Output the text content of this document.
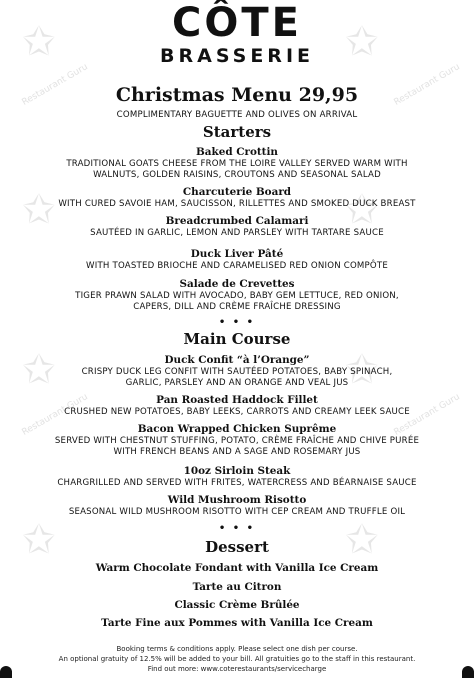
✩	✩
✩	✩
✩	✩
✩	✩
Restaurant Guru	Restaurant Guru
Restaurant Guru	Restaurant Guru
CÔTE
BRASSERIE
Christmas Menu 29,95
COMPLIMENTARY BAGUETTE AND OLIVES ON ARRIVAL
Starters
Baked Crottin
TRADITIONAL GOATS CHEESE FROM THE LOIRE VALLEY SERVED WARM WITH
WALNUTS, GOLDEN RAISINS, CROUTONS AND SEASONAL SALAD
Charcuterie Board
WITH CURED SAVOIE HAM, SAUCISSON, RILLETTES AND SMOKED DUCK BREAST
Breadcrumbed Calamari
SAUTÉED IN GARLIC, LEMON AND PARSLEY WITH TARTARE SAUCE
Duck Liver Pâté
WITH TOASTED BRIOCHE AND CARAMELISED RED ONION COMPÔTE
Salade de Crevettes
TIGER PRAWN SALAD WITH AVOCADO, BABY GEM LETTUCE, RED ONION,
CAPERS, DILL AND CRÈME FRAÎCHE DRESSING
• • •
Main Course
Duck Confit “à l’Orange”
CRISPY DUCK LEG CONFIT WITH SAUTÉED POTATOES, BABY SPINACH,
GARLIC, PARSLEY AND AN ORANGE AND VEAL JUS
Pan Roasted Haddock Fillet
CRUSHED NEW POTATOES, BABY LEEKS, CARROTS AND CREAMY LEEK SAUCE
Bacon Wrapped Chicken Suprême
SERVED WITH CHESTNUT STUFFING, POTATO, CRÈME FRAÎCHE AND CHIVE PURÉE
WITH FRENCH BEANS AND A SAGE AND ROSEMARY JUS
10oz Sirloin Steak
CHARGRILLED AND SERVED WITH FRITES, WATERCRESS AND BÉARNAISE SAUCE
Wild Mushroom Risotto
SEASONAL WILD MUSHROOM RISOTTO WITH CEP CREAM AND TRUFFLE OIL
• • •
Dessert
Warm Chocolate Fondant with Vanilla Ice Cream
Tarte au Citron
Classic Crème Brûlée
Tarte Fine aux Pommes with Vanilla Ice Cream
Booking terms & conditions apply. Please select one dish per course.
An optional gratuity of 12.5% will be added to your bill. All gratuities go to the staff in this restaurant.
Find out more: www.coterestaurants/servicecharge
